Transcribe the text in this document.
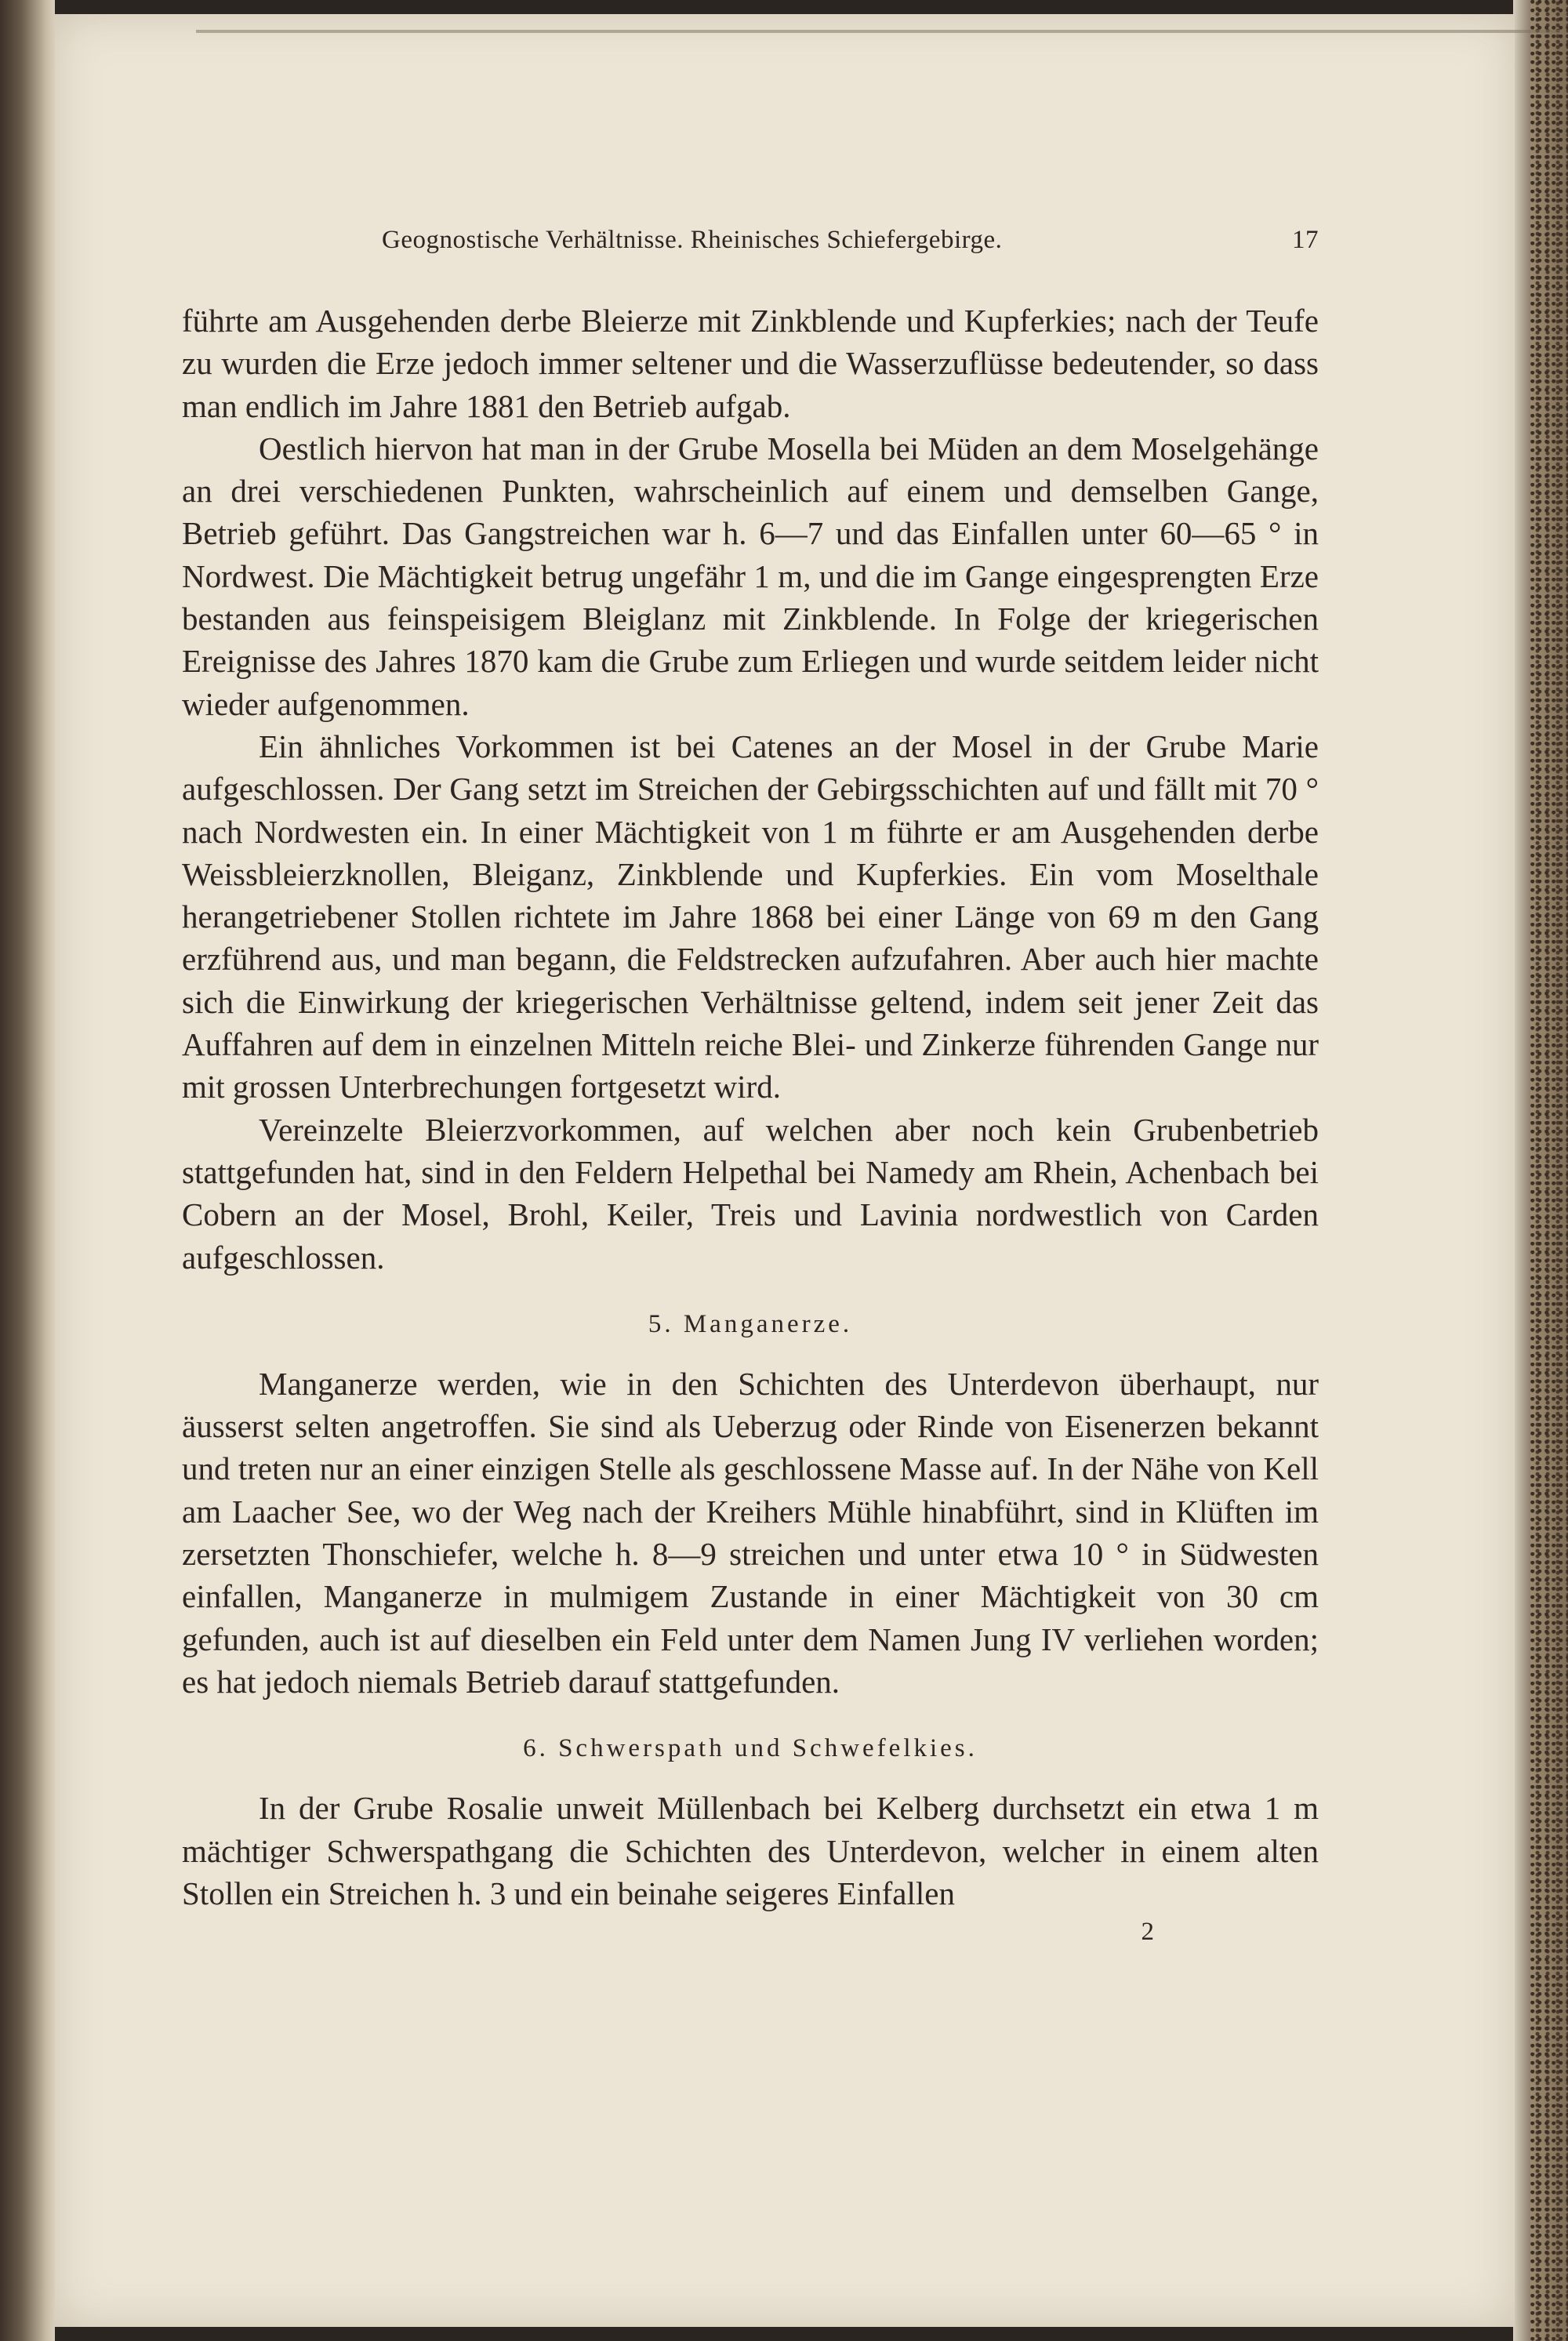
Geognostische Verhältnisse. Rheinisches Schiefergebirge.	17

führte am Ausgehenden derbe Bleierze mit Zinkblende und Kupferkies; nach der Teufe zu wurden die Erze jedoch immer seltener und die Wasserzuflüsse bedeutender, so dass man endlich im Jahre 1881 den Betrieb aufgab.

Oestlich hiervon hat man in der Grube Mosella bei Müden an dem Moselgehänge an drei verschiedenen Punkten, wahrscheinlich auf einem und demselben Gange, Betrieb geführt. Das Gangstreichen war h. 6—7 und das Einfallen unter 60—65 ° in Nordwest. Die Mächtigkeit betrug ungefähr 1 m, und die im Gange eingesprengten Erze bestanden aus feinspeisigem Bleiglanz mit Zinkblende. In Folge der kriegerischen Ereignisse des Jahres 1870 kam die Grube zum Erliegen und wurde seitdem leider nicht wieder aufgenommen.

Ein ähnliches Vorkommen ist bei Catenes an der Mosel in der Grube Marie aufgeschlossen. Der Gang setzt im Streichen der Gebirgsschichten auf und fällt mit 70 ° nach Nordwesten ein. In einer Mächtigkeit von 1 m führte er am Ausgehenden derbe Weissbleierzknollen, Bleiganz, Zinkblende und Kupferkies. Ein vom Moselthale herangetriebener Stollen richtete im Jahre 1868 bei einer Länge von 69 m den Gang erzführend aus, und man begann, die Feldstrecken aufzufahren. Aber auch hier machte sich die Einwirkung der kriegerischen Verhältnisse geltend, indem seit jener Zeit das Auffahren auf dem in einzelnen Mitteln reiche Blei- und Zinkerze führenden Gange nur mit grossen Unterbrechungen fortgesetzt wird.

Vereinzelte Bleierzvorkommen, auf welchen aber noch kein Grubenbetrieb stattgefunden hat, sind in den Feldern Helpethal bei Namedy am Rhein, Achenbach bei Cobern an der Mosel, Brohl, Keiler, Treis und Lavinia nordwestlich von Carden aufgeschlossen.

5. Manganerze.

Manganerze werden, wie in den Schichten des Unterdevon überhaupt, nur äusserst selten angetroffen. Sie sind als Ueberzug oder Rinde von Eisenerzen bekannt und treten nur an einer einzigen Stelle als geschlossene Masse auf. In der Nähe von Kell am Laacher See, wo der Weg nach der Kreihers Mühle hinabführt, sind in Klüften im zersetzten Thonschiefer, welche h. 8—9 streichen und unter etwa 10 ° in Südwesten einfallen, Manganerze in mulmigem Zustande in einer Mächtigkeit von 30 cm gefunden, auch ist auf dieselben ein Feld unter dem Namen Jung IV verliehen worden; es hat jedoch niemals Betrieb darauf stattgefunden.

6. Schwerspath und Schwefelkies.

In der Grube Rosalie unweit Müllenbach bei Kelberg durchsetzt ein etwa 1 m mächtiger Schwerspathgang die Schichten des Unterdevon, welcher in einem alten Stollen ein Streichen h. 3 und ein beinahe seigeres Einfallen

2
